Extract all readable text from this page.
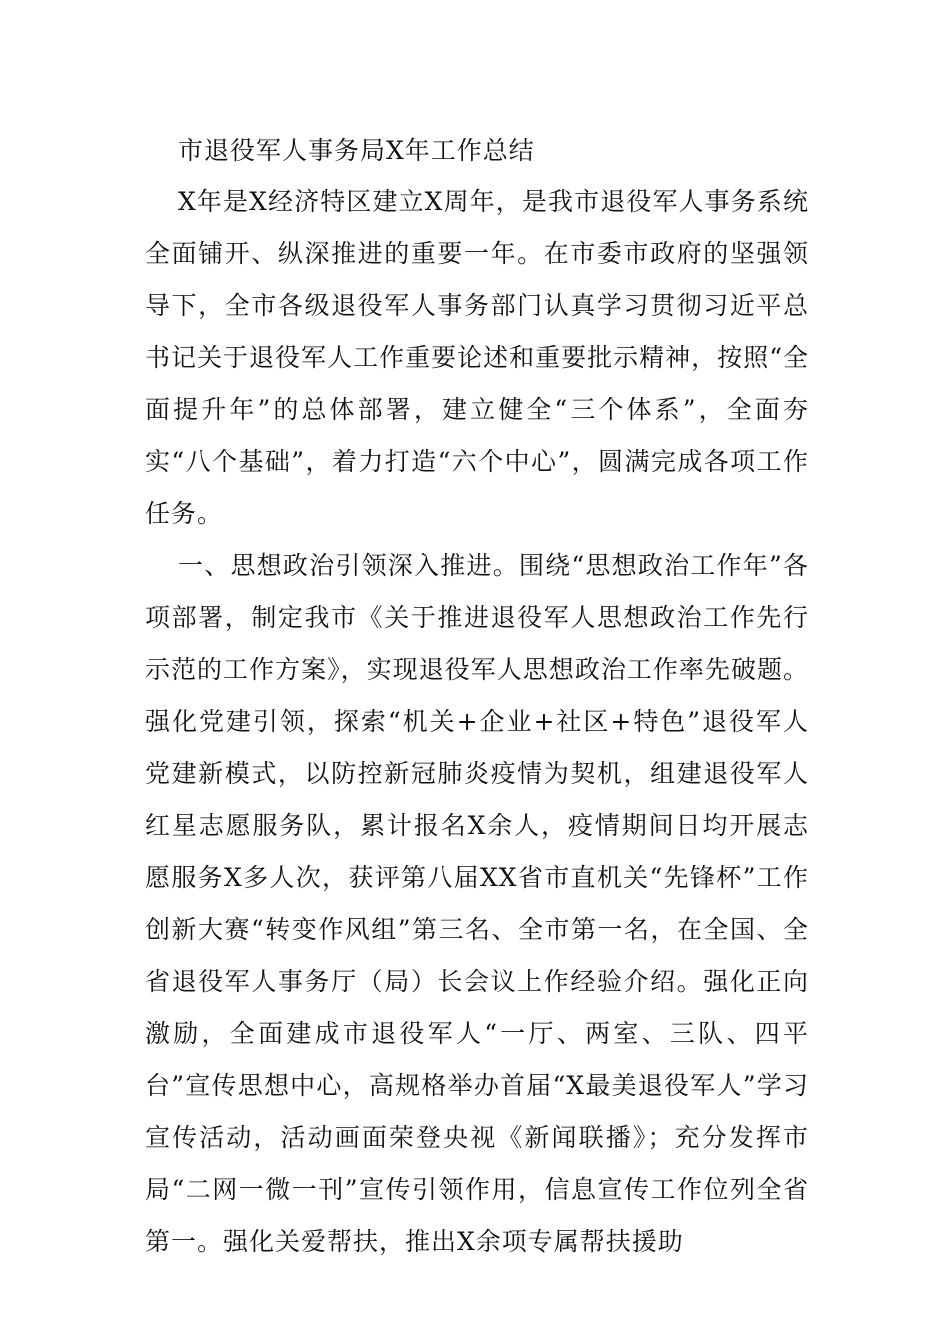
市退役军人事务局X年工作总结

X年是X经济特区建立X周年，是我市退役军人事务系统全面铺开、纵深推进的重要一年。在市委市政府的坚强领导下，全市各级退役军人事务部门认真学习贯彻习近平总书记关于退役军人工作重要论述和重要批示精神，按照“全面提升年”的总体部署，建立健全“三个体系”，全面夯实“八个基础”，着力打造“六个中心”，圆满完成各项工作任务。

一、思想政治引领深入推进。围绕“思想政治工作年”各项部署，制定我市《关于推进退役军人思想政治工作先行示范的工作方案》，实现退役军人思想政治工作率先破题。强化党建引领，探索“机关+企业+社区+特色”退役军人党建新模式，以防控新冠肺炎疫情为契机，组建退役军人红星志愿服务队，累计报名X余人，疫情期间日均开展志愿服务X多人次，获评第八届XX省市直机关“先锋杯”工作创新大赛“转变作风组”第三名、全市第一名，在全国、全省退役军人事务厅（局）长会议上作经验介绍。强化正向激励，全面建成市退役军人“一厅、两室、三队、四平台”宣传思想中心，高规格举办首届“X最美退役军人”学习宣传活动，活动画面荣登央视《新闻联播》；充分发挥市局“二网一微一刊”宣传引领作用，信息宣传工作位列全省第一。强化关爱帮扶，推出X余项专属帮扶援助
